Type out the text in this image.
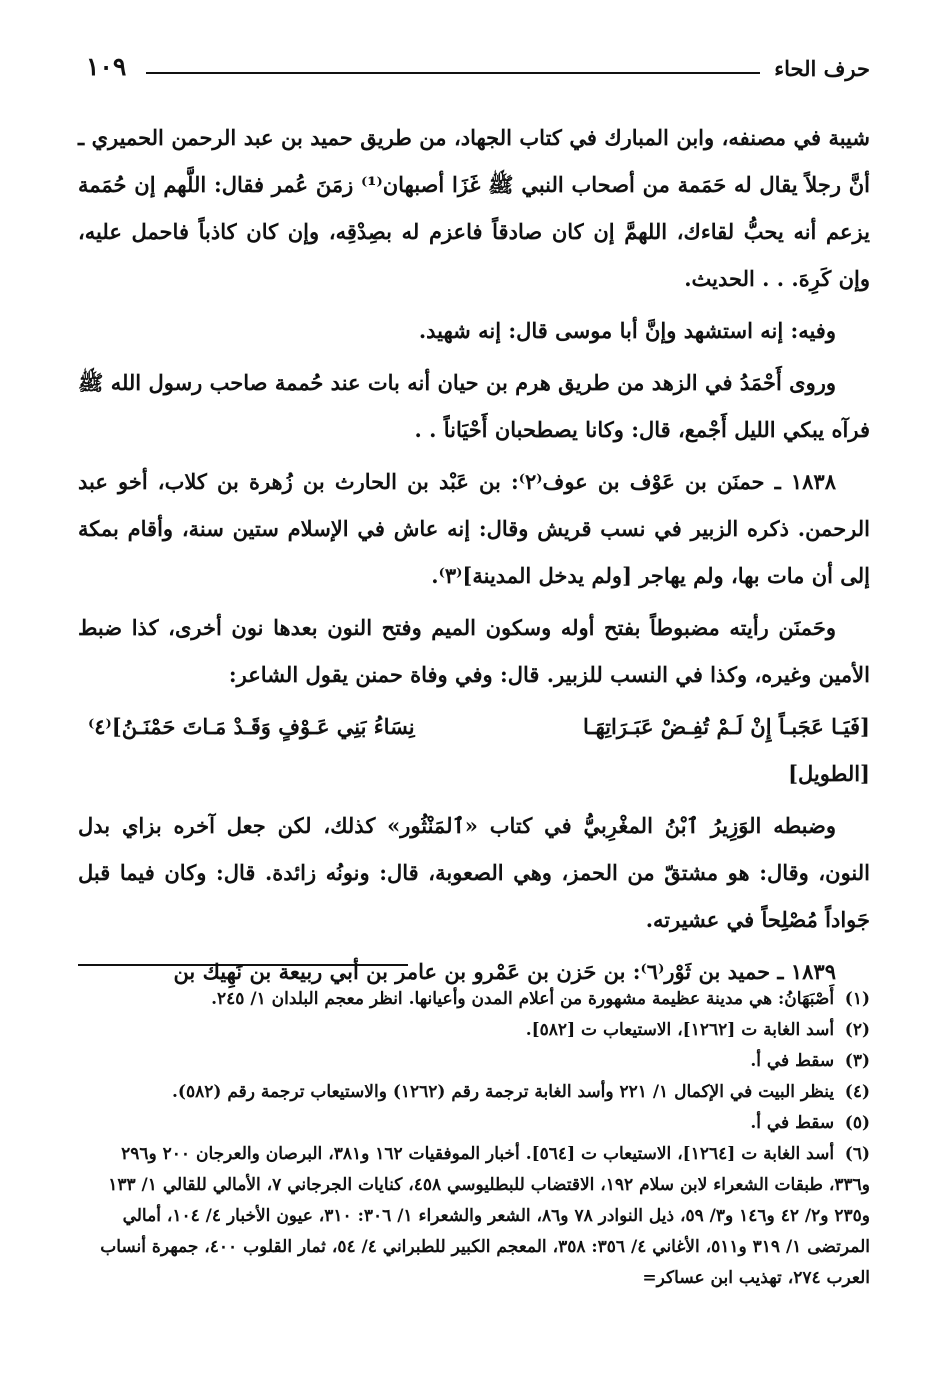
حرف الحاء
١٠٩

شيبة في مصنفه، وابن المبارك في كتاب الجهاد، من طريق حميد بن عبد الرحمن الحميري ـ أنَّ رجلاً يقال له حَمَمة من أصحاب النبي ﷺ غَزَا أصبهان⁽¹⁾ زمَنَ عُمر فقال: اللَّهم إن حُمَمة يزعم أنه يحبُّ لقاءك، اللهمَّ إن كان صادقاً فاعزم له بصِدْقِه، وإن كان كاذباً فاحمل عليه، وإن كَرِهَ. . . الحديث.

وفيه: إنه استشهد وإنَّ أبا موسى قال: إنه شهيد.

وروى أَحْمَدُ في الزهد من طريق هرم بن حيان أنه بات عند حُممة صاحب رسول الله ﷺ فرآه يبكي الليل أَجْمع، قال: وكانا يصطحبان أَحْيَاناً . .

١٨٣٨ ـ حمنَن بن عَوْف بن عوف⁽٢⁾: بن عَبْد بن الحارث بن زُهرة بن كلاب، أخو عبد الرحمن. ذكره الزبير في نسب قريش وقال: إنه عاش في الإسلام ستين سنة، وأقام بمكة إلى أن مات بها، ولم يهاجر [ولم يدخل المدينة]⁽٣⁾.

وحَمنَن رأيته مضبوطاً بفتح أوله وسكون الميم وفتح النون بعدها نون أخرى، كذا ضبط الأمين وغيره، وكذا في النسب للزبير. قال: وفي وفاة حمنن يقول الشاعر:

[فَيَـا عَجَبـاً إِنْ لَـمْ تُفِـضْ عَبَـرَاتِهَـا
نِسَاءُ بَنِي عَـوْفٍ وَقَـدْ مَـاتَ حَمْنَـنُ]⁽٤⁾

[الطويل]

وضبطه الوَزِيرُ ٱبْنُ المغْرِبيُّ في كتاب «ٱلمَنْثُور» كذلك، لكن جعل آخره بزاي بدل النون، وقال: هو مشتقّ من الحمز، وهي الصعوبة، قال: ونونُه زائدة. قال: وكان فيما قبل جَواداً مُصْلِحاً في عشيرته.

١٨٣٩ ـ حميد بن ثَوْر⁽٦⁾: بن حَزن بن عَمْرو بن عامر بن أبي ربيعة بن نَهِيك بن

(١) أَصْبَهَانُ: هي مدينة عظيمة مشهورة من أعلام المدن وأعيانها. انظر معجم البلدان ١/ ٢٤٥.

(٢) أسد الغابة ت [١٢٦٢]، الاستيعاب ت [٥٨٢].

(٣) سقط في أ.

(٤) ينظر البيت في الإكمال ١/ ٢٢١ وأسد الغابة ترجمة رقم (١٢٦٢) والاستيعاب ترجمة رقم (٥٨٢).

(٥) سقط في أ.

(٦) أسد الغابة ت [١٢٦٤]، الاستيعاب ت [٥٦٤]. أخبار الموفقيات ١٦٢ و٣٨١، البرصان والعرجان ٢٠٠ و٢٩٦ و٣٣٦، طبقات الشعراء لابن سلام ١٩٢، الاقتضاب للبطليوسي ٤٥٨، كنايات الجرجاني ٧، الأمالي للقالي ١/ ١٣٣ و٢٣٥ و٢/ ٤٢ و١٤٦ و٣/ ٥٩، ذيل النوادر ٧٨ و٨٦، الشعر والشعراء ١/ ٣٠٦: ٣١٠، عيون الأخبار ٤/ ١٠٤، أمالي المرتضى ١/ ٣١٩ و٥١١، الأغاني ٤/ ٣٥٦: ٣٥٨، المعجم الكبير للطبراني ٤/ ٥٤، ثمار القلوب ٤٠٠، جمهرة أنساب العرب ٢٧٤، تهذيب ابن عساكر=
